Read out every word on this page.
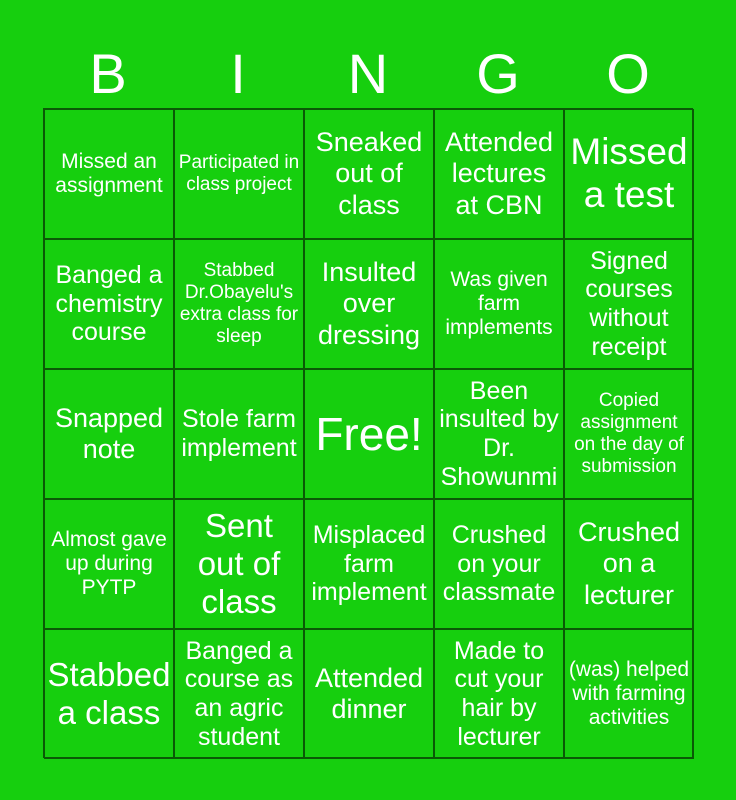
B	I	N	G	O
Missed an assignment
Participated in class project
Sneaked out of class
Attended lectures at CBN
Missed a test
Banged a chemistry course
Stabbed Dr.Obayelu's extra class for sleep
Insulted over dressing
Was given farm implements
Signed courses without receipt
Snapped note
Stole farm implement Free!
Been insulted by Dr. Showunmi
Copied assignment on the day of submission
Almost gave up during PYTP
Sent out of class
Misplaced farm implement
Crushed on your classmate
Crushed on a lecturer
Stabbed a class
Banged a course as an agric student
Attended dinner
Made to cut your hair by lecturer
(was) helped with farming activities
